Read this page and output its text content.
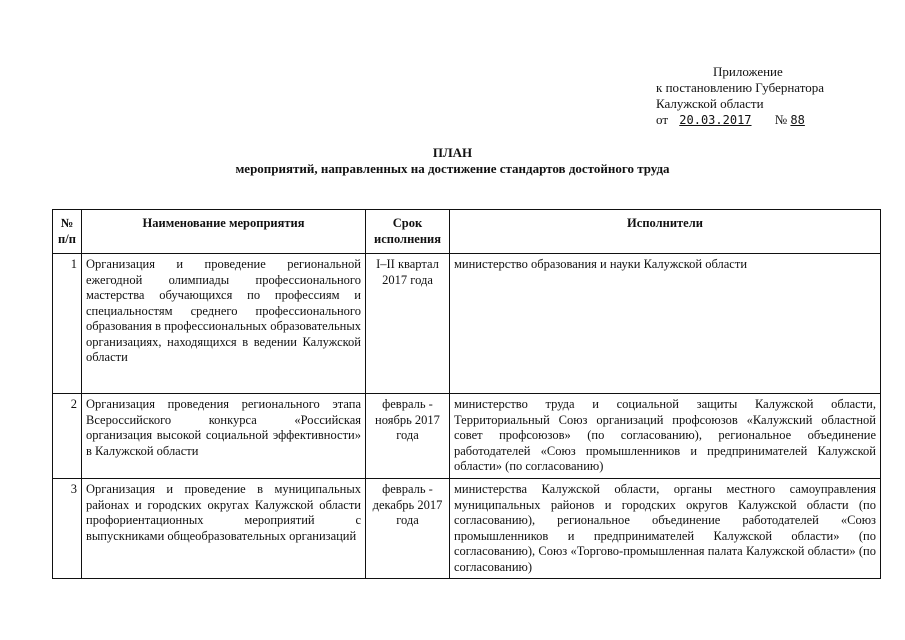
Приложение
к постановлению Губернатора
Калужской области
от 20.03.2017 № 88
ПЛАН
мероприятий, направленных на достижение стандартов достойного труда
№ п/п	Наименование мероприятия	Срок исполнения	Исполнители
1	Организация и проведение региональной ежегодной олимпиады профессионального мастерства обучающихся по профессиям и специальностям среднего профессионального образования в профессиональных образовательных организациях, находящихся в ведении Калужской области	I–II квартал 2017 года	министерство образования и науки Калужской области
2	Организация проведения регионального этапа Всероссийского конкурса «Российская организация высокой социальной эффективности» в Калужской области	февраль - ноябрь 2017 года	министерство труда и социальной защиты Калужской области, Территориальный Союз организаций профсоюзов «Калужский областной совет профсоюзов» (по согласованию), региональное объединение работодателей «Союз промышленников и предпринимателей Калужской области» (по согласованию)
3	Организация и проведение в муниципальных районах и городских округах Калужской области профориентационных мероприятий с выпускниками общеобразовательных организаций	февраль - декабрь 2017 года	министерства Калужской области, органы местного самоуправления муниципальных районов и городских округов Калужской области (по согласованию), региональное объединение работодателей «Союз промышленников и предпринимателей Калужской области» (по согласованию), Союз «Торгово-промышленная палата Калужской области» (по согласованию)
